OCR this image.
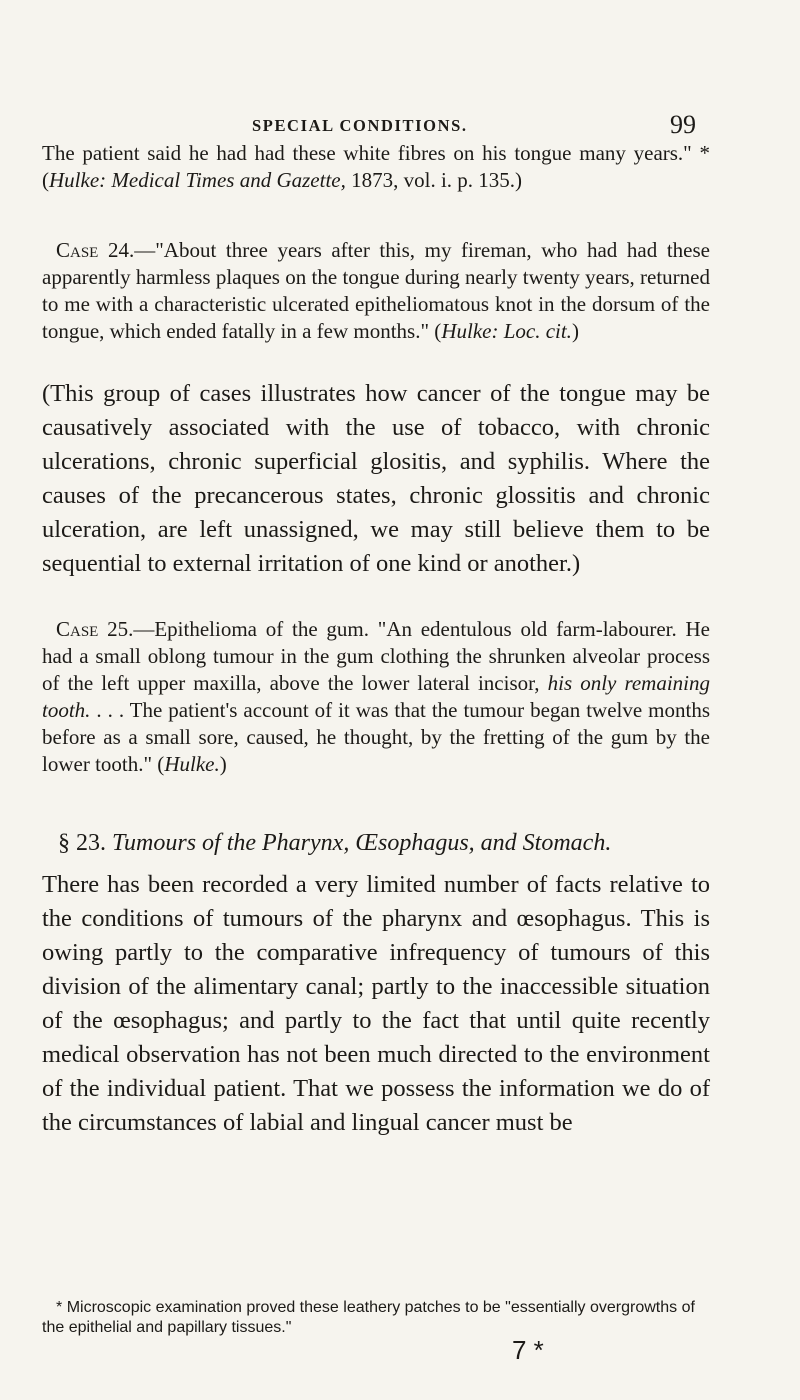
SPECIAL CONDITIONS.	99

The patient said he had had these white fibres on his tongue many years." * (Hulke: Medical Times and Gazette, 1873, vol. i. p. 135.)

Case 24.—"About three years after this, my fireman, who had had these apparently harmless plaques on the tongue during nearly twenty years, returned to me with a characteristic ulcerated epitheliomatous knot in the dorsum of the tongue, which ended fatally in a few months." (Hulke: Loc. cit.)

(This group of cases illustrates how cancer of the tongue may be causatively associated with the use of tobacco, with chronic ulcerations, chronic superficial glositis, and syphilis. Where the causes of the precancerous states, chronic glossitis and chronic ulceration, are left unassigned, we may still believe them to be sequential to external irritation of one kind or another.)

Case 25.—Epithelioma of the gum. "An edentulous old farm-labourer. He had a small oblong tumour in the gum clothing the shrunken alveolar process of the left upper maxilla, above the lower lateral incisor, his only remaining tooth. . . . The patient's account of it was that the tumour began twelve months before as a small sore, caused, he thought, by the fretting of the gum by the lower tooth." (Hulke.)

§ 23. Tumours of the Pharynx, Œsophagus, and Stomach.

There has been recorded a very limited number of facts relative to the conditions of tumours of the pharynx and œsophagus. This is owing partly to the comparative infrequency of tumours of this division of the alimentary canal; partly to the inaccessible situation of the œsophagus; and partly to the fact that until quite recently medical observation has not been much directed to the environment of the individual patient. That we possess the information we do of the circumstances of labial and lingual cancer must be

* Microscopic examination proved these leathery patches to be "essentially overgrowths of the epithelial and papillary tissues."
7 *
